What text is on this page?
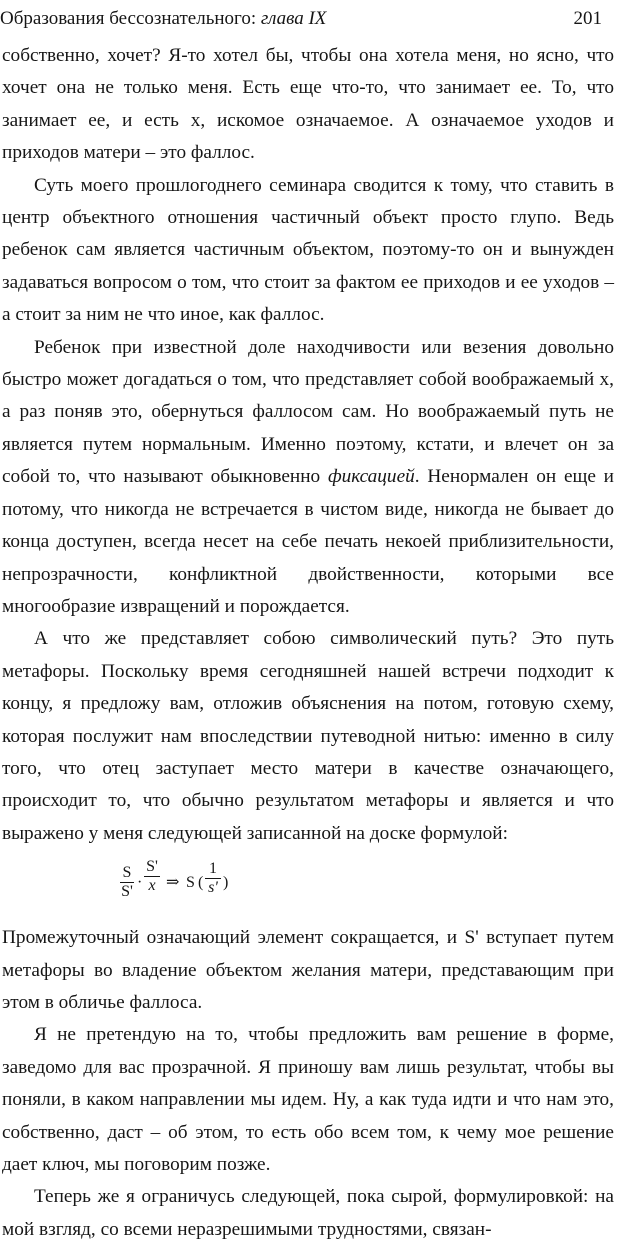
Образования бессознательного: глава IX	201

собственно, хочет? Я-то хотел бы, чтобы она хотела меня, но ясно, что хочет она не только меня. Есть еще что-то, что занимает ее. То, что занимает ее, и есть x, искомое означаемое. А означаемое уходов и приходов матери – это фаллос.

Суть моего прошлогоднего семинара сводится к тому, что ставить в центр объектного отношения частичный объект просто глупо. Ведь ребенок сам является частичным объектом, поэтому-то он и вынужден задаваться вопросом о том, что стоит за фактом ее приходов и ее уходов – а стоит за ним не что иное, как фаллос.

Ребенок при известной доле находчивости или везения довольно быстро может догадаться о том, что представляет собой воображаемый x, а раз поняв это, обернуться фаллосом сам. Но воображаемый путь не является путем нормальным. Именно поэтому, кстати, и влечет он за собой то, что называют обыкновенно фиксацией. Ненормален он еще и потому, что никогда не встречается в чистом виде, никогда не бывает до конца доступен, всегда несет на себе печать некоей приблизительности, непрозрачности, конфликтной двойственности, которыми все многообразие извращений и порождается.

А что же представляет собою символический путь? Это путь метафоры. Поскольку время сегодняшней нашей встречи подходит к концу, я предложу вам, отложив объяснения на потом, готовую схему, которая послужит нам впоследствии путеводной нитью: именно в силу того, что отец заступает место матери в качестве означающего, происходит то, что обычно результатом метафоры и является и что выражено у меня следующей записанной на доске формулой:

$\frac{S}{S'} \cdot \frac{S'}{x}$ ⇒ S ( $\frac{1}{s'}$ )

Промежуточный означающий элемент сокращается, и S' вступает путем метафоры во владение объектом желания матери, представающим при этом в обличье фаллоса.

Я не претендую на то, чтобы предложить вам решение в форме, заведомо для вас прозрачной. Я приношу вам лишь результат, чтобы вы поняли, в каком направлении мы идем. Ну, а как туда идти и что нам это, собственно, даст – об этом, то есть обо всем том, к чему мое решение дает ключ, мы поговорим позже.

Теперь же я ограничусь следующей, пока сырой, формулировкой: на мой взгляд, со всеми неразрешимыми трудностями, связан-
